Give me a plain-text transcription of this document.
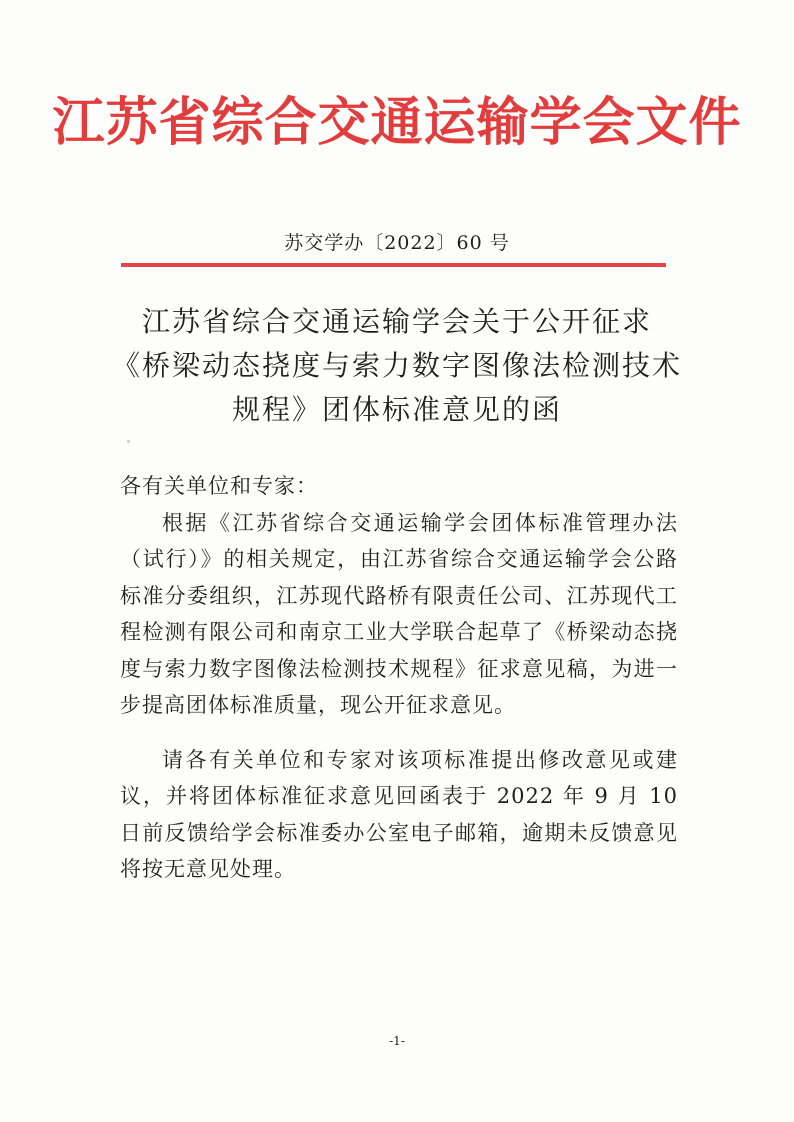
江苏省综合交通运输学会文件
苏交学办〔2022〕60 号
江苏省综合交通运输学会关于公开征求
《桥梁动态挠度与索力数字图像法检测技术
规程》团体标准意见的函

各有关单位和专家：

根据《江苏省综合交通运输学会团体标准管理办法（试行）》的相关规定，由江苏省综合交通运输学会公路标准分委组织，江苏现代路桥有限责任公司、江苏现代工程检测有限公司和南京工业大学联合起草了《桥梁动态挠度与索力数字图像法检测技术规程》征求意见稿，为进一步提高团体标准质量，现公开征求意见。

请各有关单位和专家对该项标准提出修改意见或建议，并将团体标准征求意见回函表于 2022 年 9 月 10 日前反馈给学会标准委办公室电子邮箱，逾期未反馈意见将按无意见处理。

-1-
